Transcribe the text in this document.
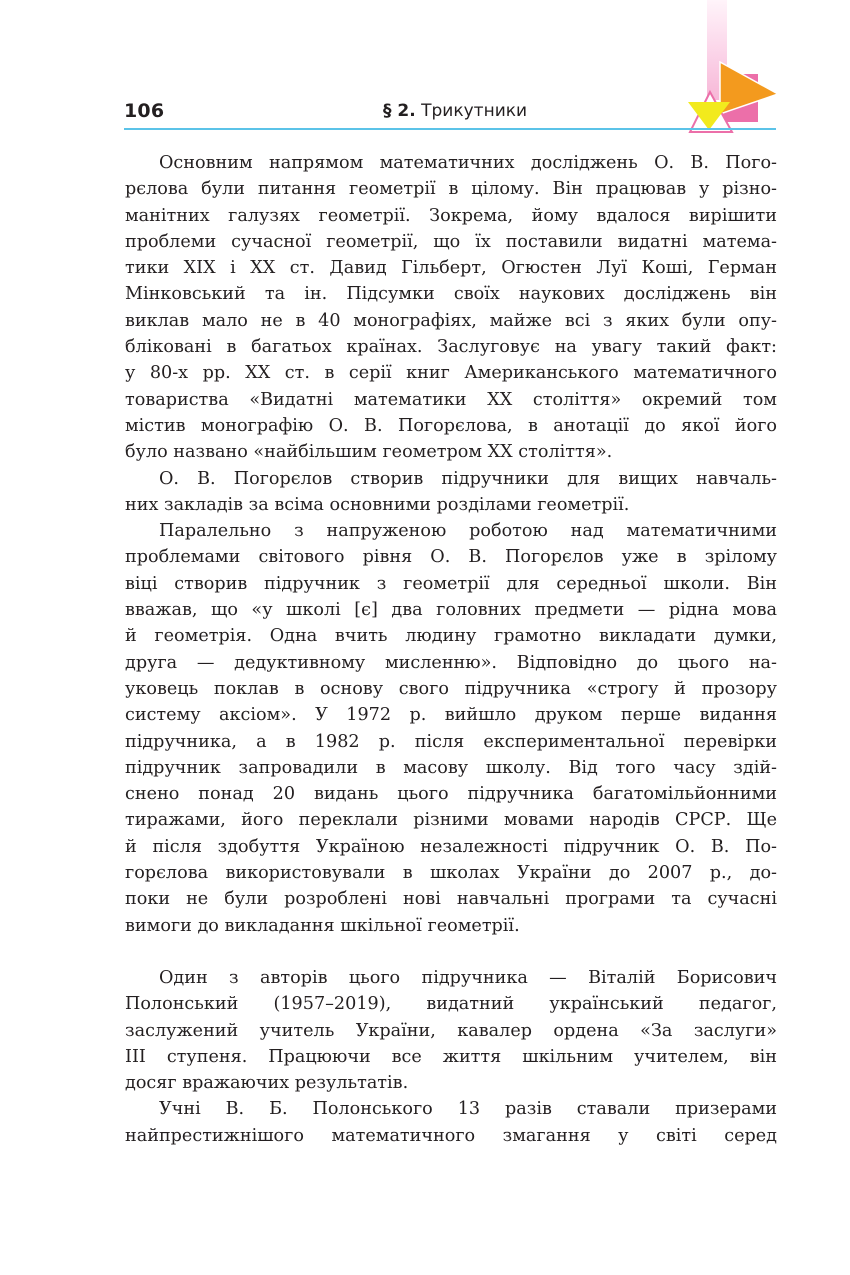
106	§ 2. Трикутники
Основним напрямом математичних досліджень О. В. Пого-
рєлова були питання геометрії в цілому. Він працював у різно-
манітних галузях геометрії. Зокрема, йому вдалося вирішити
проблеми сучасної геометрії, що їх поставили видатні матема-
тики XIX і XX ст. Давид Гільберт, Огюстен Луї Коші, Герман
Мінковський та ін. Підсумки своїх наукових досліджень він
виклав мало не в 40 монографіях, майже всі з яких були опу-
бліковані в багатьох країнах. Заслуговує на увагу такий факт:
у 80-х рр. XX ст. в серії книг Американського математичного
товариства «Видатні математики XX століття» окремий том
містив монографію О. В. Погорєлова, в анотації до якої його
було названо «найбільшим геометром XX століття».
О. В. Погорєлов створив підручники для вищих навчаль-
них закладів за всіма основними розділами геометрії.
Паралельно з напруженою роботою над математичними
проблемами світового рівня О. В. Погорєлов уже в зрілому
віці створив підручник з геометрії для середньої школи. Він
вважав, що «у школі [є] два головних предмети — рідна мова
й геометрія. Одна вчить людину грамотно викладати думки,
друга — дедуктивному мисленню». Відповідно до цього на-
уковець поклав в основу свого підручника «строгу й прозору
систему аксіом». У 1972 р. вийшло друком перше видання
підручника, а в 1982 р. після експериментальної перевірки
підручник запровадили в масову школу. Від того часу здій-
снено понад 20 видань цього підручника багатомільйонними
тиражами, його переклали різними мовами народів СРСР. Ще
й після здобуття Україною незалежності підручник О. В. По-
горєлова використовували в школах України до 2007 р., до-
поки не були розроблені нові навчальні програми та сучасні
вимоги до викладання шкільної геометрії.
Один з авторів цього підручника — Віталій Борисович
Полонський (1957–2019), видатний український педагог,
заслужений учитель України, кавалер ордена «За заслуги»
III ступеня. Працюючи все життя шкільним учителем, він
досяг вражаючих результатів.
Учні В. Б. Полонського 13 разів ставали призерами
найпрестижнішого математичного змагання у світі серед
